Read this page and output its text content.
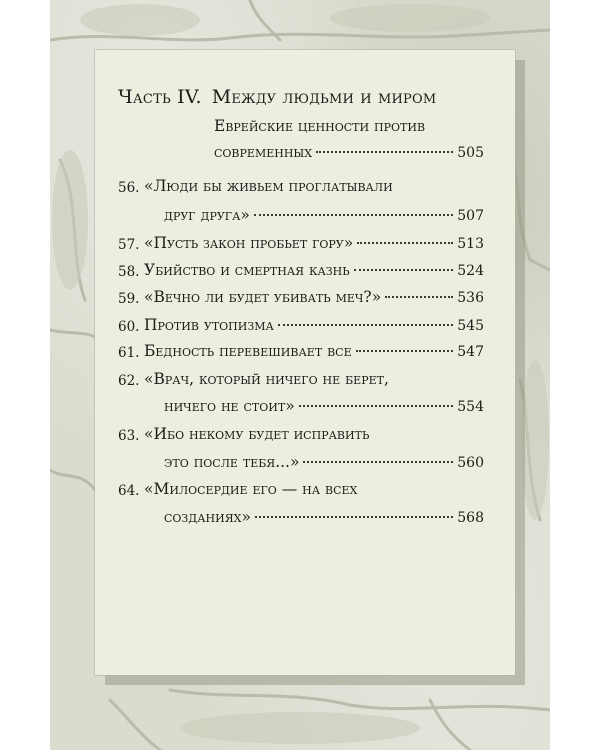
Часть IV. Между людьми и миром
Еврейские ценности против
современных	505
56. «Люди бы живьем проглатывали
друг друга»	507
57. «Пусть закон пробьет гору»	513
58. Убийство и смертная казнь	524
59. «Вечно ли будет убивать меч?»	536
60. Против утопизма	545
61. Бедность перевешивает все	547
62. «Врач, который ничего не берет,
ничего не стоит»	554
63. «Ибо некому будет исправить
это после тебя...»	560
64. «Милосердие его — на всех
созданиях»	568
